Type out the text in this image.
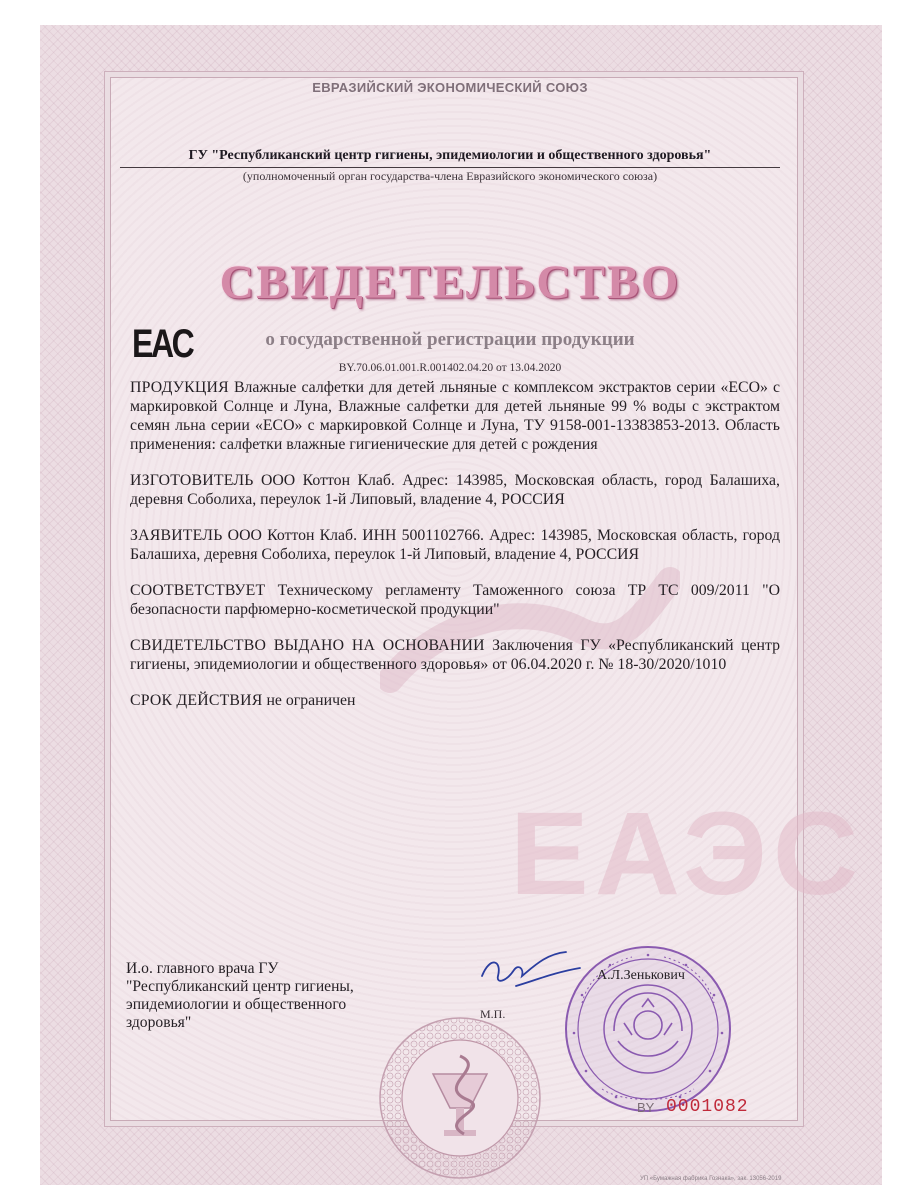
ЕАЭС
ЕВРАЗИЙСКИЙ ЭКОНОМИЧЕСКИЙ СОЮЗ
ГУ "Республиканский центр гигиены, эпидемиологии и общественного здоровья"
(уполномоченный орган государства-члена Евразийского экономического союза)
СВИДЕТЕЛЬСТВО
EAC	о государственной регистрации продукции
BY.70.06.01.001.R.001402.04.20 от 13.04.2020

ПРОДУКЦИЯ Влажные салфетки для детей льняные с комплексом экстрактов серии «ECO» с маркировкой Солнце и Луна, Влажные салфетки для детей льняные 99 % воды с экстрактом семян льна серии «ECO» с маркировкой Солнце и Луна, ТУ 9158-001-13383853-2013. Область применения: салфетки влажные гигиенические для детей с рождения

ИЗГОТОВИТЕЛЬ ООО Коттон Клаб. Адрес: 143985, Московская область, город Балашиха, деревня Соболиха, переулок 1-й Липовый, владение 4, РОССИЯ

ЗАЯВИТЕЛЬ ООО Коттон Клаб. ИНН 5001102766. Адрес: 143985, Московская область, город Балашиха, деревня Соболиха, переулок 1-й Липовый, владение 4, РОССИЯ

СООТВЕТСТВУЕТ Техническому регламенту Таможенного союза ТР ТС 009/2011 "О безопасности парфюмерно-косметической продукции"

СВИДЕТЕЛЬСТВО ВЫДАНО НА ОСНОВАНИИ Заключения ГУ «Республиканский центр гигиены, эпидемиологии и общественного здоровья» от 06.04.2020 г. № 18-30/2020/1010

СРОК ДЕЙСТВИЯ не ограничен

И.о. главного врача ГУ
"Республиканский центр гигиены,
эпидемиологии и общественного
здоровья"
А.Л.Зенькович
М.П.
BY 0001082
УП «Бумажная фабрика Гознака», зак. 13056-2019
